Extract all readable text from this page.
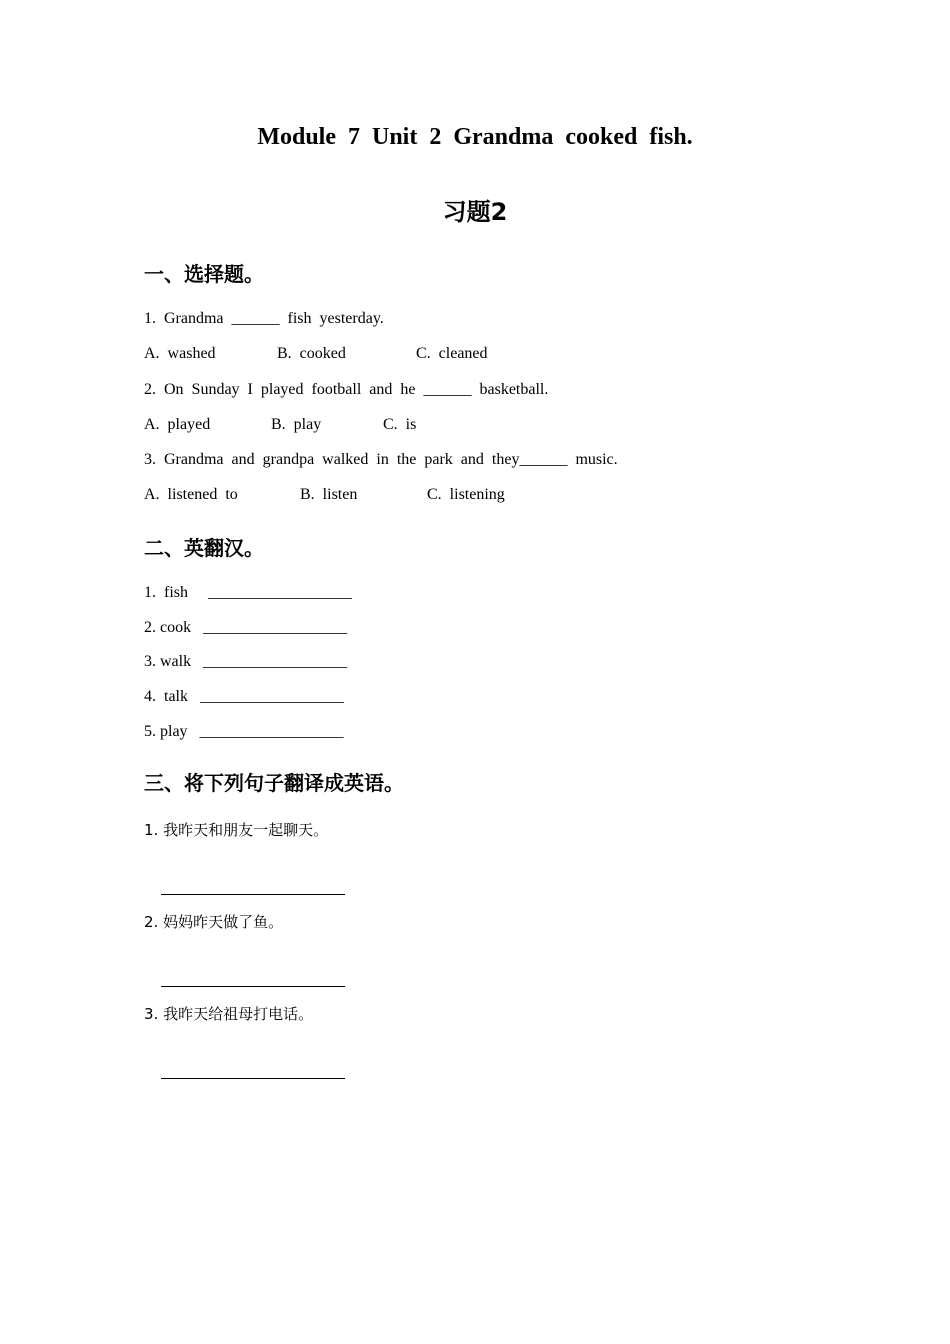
Module 7 Unit 2 Grandma cooked fish.
习题2
一、选择题。

1.  Grandma  ______  fish  yesterday.

A.  washed	B.  cooked	C.  cleaned

2.  On  Sunday  I  played  football  and  he  ______  basketball.

A.  played	B.  play	C.  is

3.  Grandma  and  grandpa  walked  in  the  park  and  they______  music.

A.  listened  to	B.  listen	C.  listening
二、英翻汉。

1.  fish     __________________

2. cook   __________________

3. walk   __________________

4.  talk   __________________

5. play   __________________

三、将下列句子翻译成英语。

1. 我昨天和朋友一起聊天。

2. 妈妈昨天做了鱼。

3. 我昨天给祖母打电话。
